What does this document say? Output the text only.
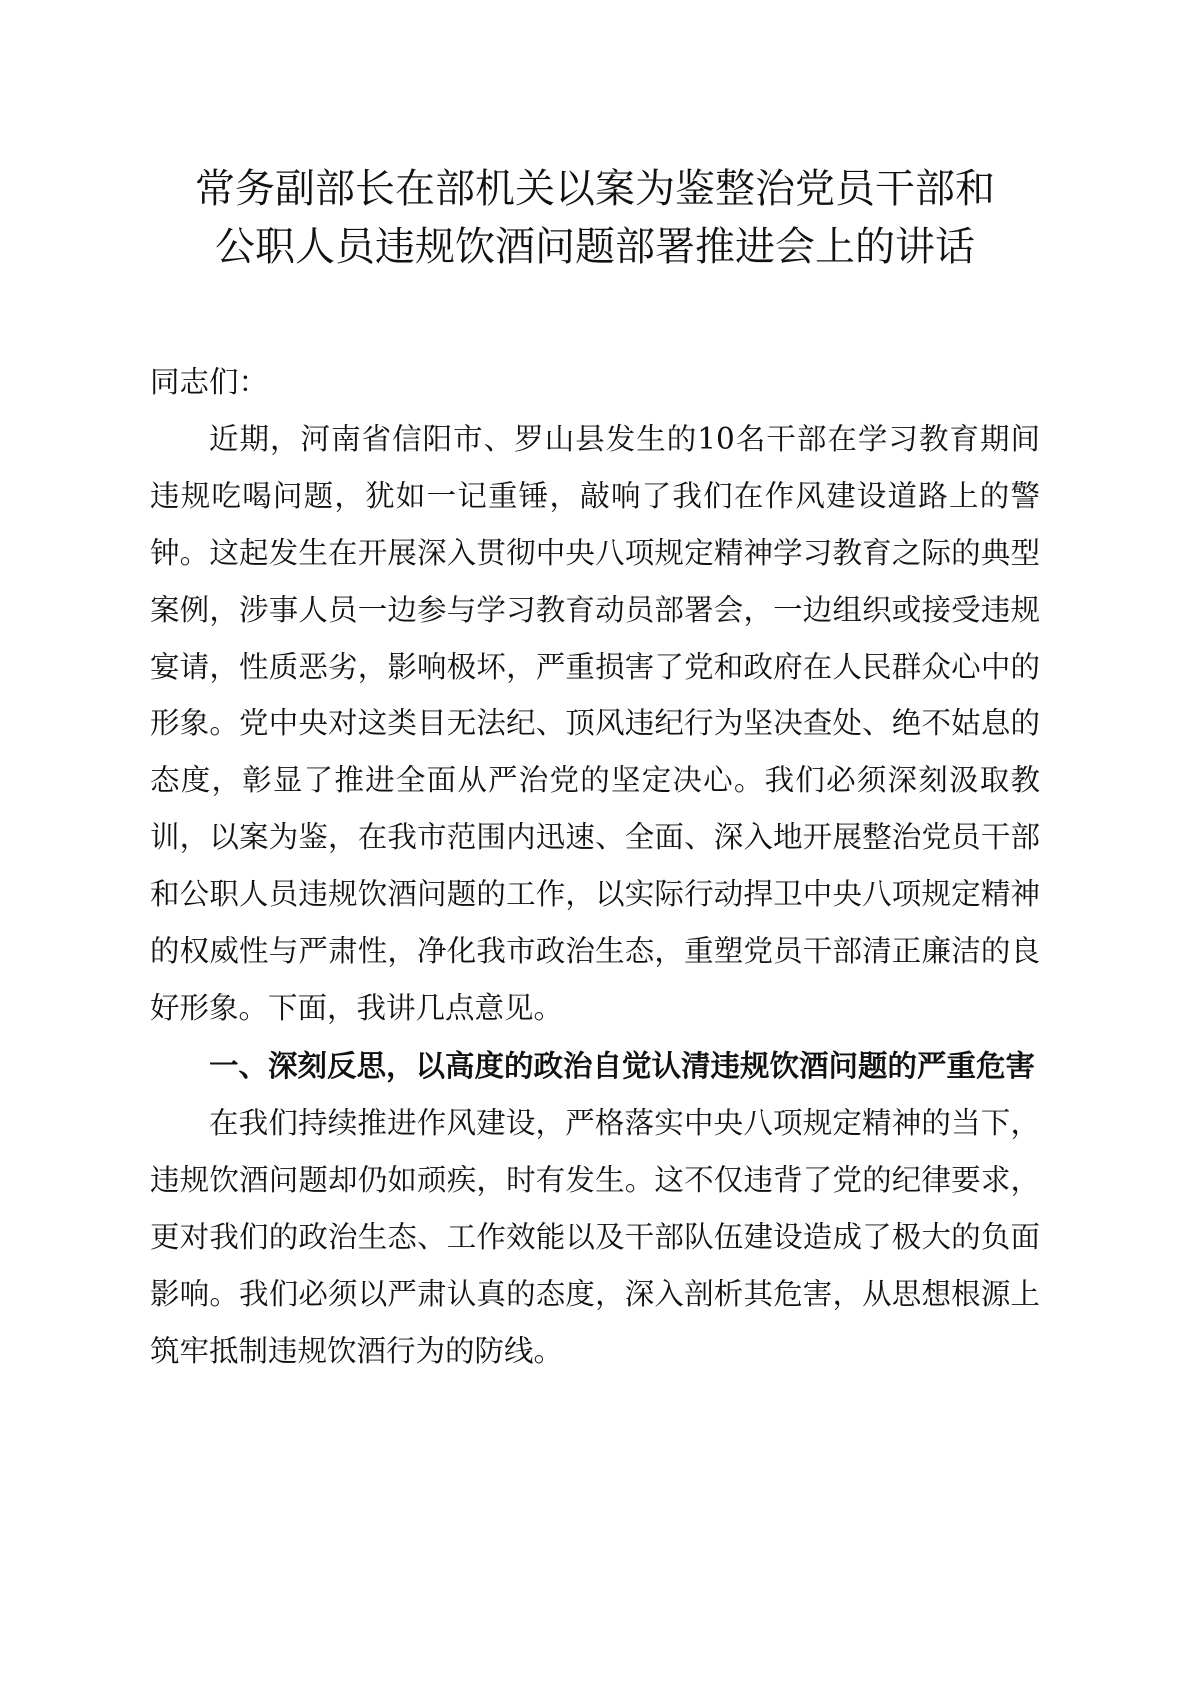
常务副部长在部机关以案为鉴整治党员干部和
公职人员违规饮酒问题部署推进会上的讲话

同志们：

近期，河南省信阳市、罗山县发生的10名干部在学习教育期间违规吃喝问题，犹如一记重锤，敲响了我们在作风建设道路上的警钟。这起发生在开展深入贯彻中央八项规定精神学习教育之际的典型案例，涉事人员一边参与学习教育动员部署会，一边组织或接受违规宴请，性质恶劣，影响极坏，严重损害了党和政府在人民群众心中的形象。党中央对这类目无法纪、顶风违纪行为坚决查处、绝不姑息的态度，彰显了推进全面从严治党的坚定决心。我们必须深刻汲取教训，以案为鉴，在我市范围内迅速、全面、深入地开展整治党员干部和公职人员违规饮酒问题的工作，以实际行动捍卫中央八项规定精神的权威性与严肃性，净化我市政治生态，重塑党员干部清正廉洁的良好形象。下面，我讲几点意见。

一、深刻反思，以高度的政治自觉认清违规饮酒问题的严重危害

在我们持续推进作风建设，严格落实中央八项规定精神的当下，违规饮酒问题却仍如顽疾，时有发生。这不仅违背了党的纪律要求，更对我们的政治生态、工作效能以及干部队伍建设造成了极大的负面影响。我们必须以严肃认真的态度，深入剖析其危害，从思想根源上筑牢抵制违规饮酒行为的防线。
